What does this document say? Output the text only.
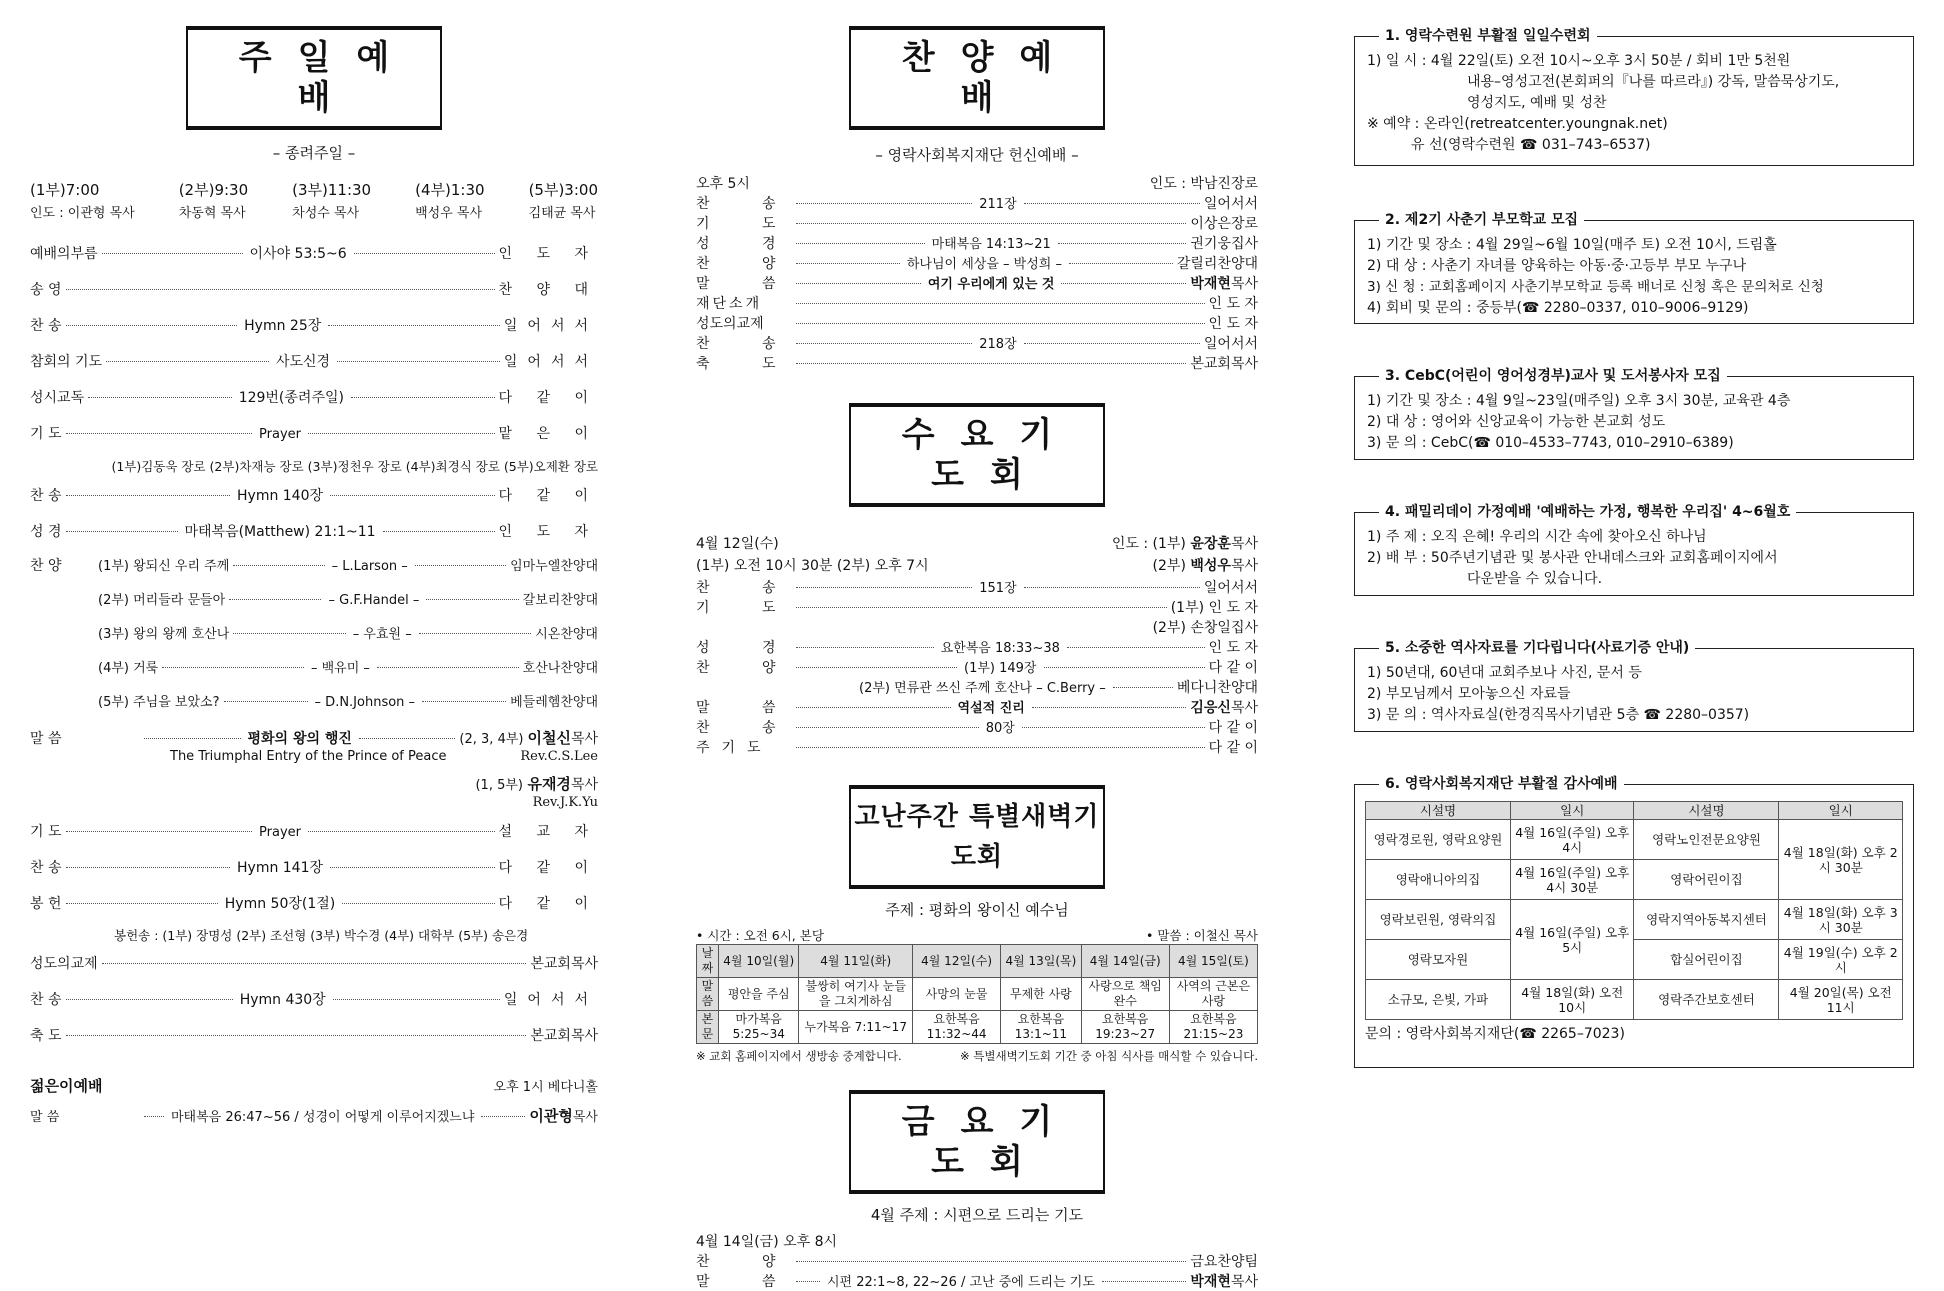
주일예배
– 종려주일 –
(1부)7:00
인도 : 이관형 목사
(2부)9:30
차동혁 목사
(3부)11:30
차성수 목사
(4부)1:30
백성우 목사
(5부)3:00
김태균 목사
예배의부름	이사야 53:5~6	인 도 자
송 영	찬 양 대
찬 송	Hymn 25장	일어서서
참회의 기도	사도신경	일어서서
성시교독	129번(종려주일)	다 같 이
기 도	Prayer	맡 은 이
(1부)김동욱 장로 (2부)차재능 장로 (3부)정천우 장로 (4부)최경식 장로 (5부)오제환 장로
찬 송	Hymn 140장	다 같 이
성 경	마태복음(Matthew) 21:1~11	인 도 자
찬 양	(1부) 왕되신 우리 주께	– L.Larson –	임마누엘찬양대
(2부) 머리들라 문들아	– G.F.Handel –	갈보리찬양대
(3부) 왕의 왕께 호산나	– 우효원 –	시온찬양대
(4부) 거룩	– 백유미 –	호산나찬양대
(5부) 주님을 보았소?	– D.N.Johnson –	베들레헴찬양대
말 씀	평화의 왕의 행진	(2, 3, 4부) 이철신 목사
The Triumphal Entry of the Prince of Peace	Rev.C.S.Lee
(1, 5부) 유재경목사
Rev.J.K.Yu
기 도	Prayer	설 교 자
찬 송	Hymn 141장	다 같 이
봉 헌	Hymn 50장(1절)	다 같 이
봉헌송 : (1부) 장명성 (2부) 조선형 (3부) 박수경 (4부) 대학부 (5부) 송은경
성도의교제	본교회목사
찬 송	Hymn 430장	일어서서
축 도	본교회목사
젊은이예배	오후 1시 베다니홀
말 씀	마태복음 26:47~56 / 성경이 어떻게 이루어지겠느냐	이관형 목사
찬양예배
– 영락사회복지재단 헌신예배 –
오후 5시	인도 : 박남진장로
찬 송	211장	일어서서
기 도	이상은장로
성 경	마태복음 14:13~21	권기웅집사
찬 양	하나님이 세상을 – 박성희 –	갈릴리찬양대
말 씀	여기 우리에게 있는 것	박재현 목사
재단소개	인 도 자
성도의교제	인 도 자
찬 송	218장	일어서서
축 도	본교회목사
수요기도회
4월 12일(수)	인도 : (1부) 윤장훈목사
(1부) 오전 10시 30분 (2부) 오후 7시	(2부) 백성우목사
찬 송	151장	일어서서
기 도	(1부) 인 도 자
(2부) 손창일집사
성 경	요한복음 18:33~38	인 도 자
찬 양	(1부) 149장	다 같 이
(2부) 면류관 쓰신 주께 호산나 – C.Berry –	베다니찬양대
말 씀	역설적 진리	김응신 목사
찬 송	80장	다 같 이
주기도	다 같 이
고난주간 특별새벽기도회
주제 : 평화의 왕이신 예수님
• 시간 : 오전 6시, 본당	• 말씀 : 이철신 목사
날짜	4월 10일(월)	4월 11일(화)	4월 12일(수)	4월 13일(목)	4월 14일(금)	4월 15일(토)
말씀	평안을 주심	불쌍히 여기사 눈들을 그치게하심	사망의 눈물	무제한 사랑	사랑으로 책임완수	사역의 근본은 사랑
본문	마가복음 5:25~34	누가복음 7:11~17	요한복음 11:32~44	요한복음 13:1~11	요한복음 19:23~27	요한복음 21:15~23
※ 교회 홈페이지에서 생방송 중계합니다.	※ 특별새벽기도회 기간 중 아침 식사를 매식할 수 있습니다.
금요기도회
4월 주제 : 시편으로 드리는 기도
4월 14일(금) 오후 8시
찬 양	금요찬양팀
말 씀 시편 22:1~8, 22~26 / 고난 중에 드리는 기도	박재현 목사
1. 영락수련원 부활절 일일수련회
1) 일 시 : 4월 22일(토) 오전 10시~오후 3시 50분 / 회비 1만 5천원
내용–영성고전(본회퍼의『나를 따르라』) 강독, 말씀묵상기도,
영성지도, 예배 및 성찬
※ 예약 : 온라인(retreatcenter.youngnak.net)
유 선(영락수련원 ☎ 031–743–6537)
2. 제2기 사춘기 부모학교 모집
1) 기간 및 장소 : 4월 29일~6월 10일(매주 토) 오전 10시, 드림홀
2) 대 상 : 사춘기 자녀를 양육하는 아동·중·고등부 부모 누구나
3) 신 청 : 교회홈페이지 사춘기부모학교 등록 배너로 신청 혹은 문의처로 신청
4) 회비 및 문의 : 중등부(☎ 2280–0337, 010–9006–9129)
3. CebC(어린이 영어성경부)교사 및 도서봉사자 모집
1) 기간 및 장소 : 4월 9일~23일(매주일) 오후 3시 30분, 교육관 4층
2) 대 상 : 영어와 신앙교육이 가능한 본교회 성도
3) 문 의 : CebC(☎ 010–4533–7743, 010–2910–6389)
4. 패밀리데이 가정예배 '예배하는 가정, 행복한 우리집' 4~6월호
1) 주 제 : 오직 은혜! 우리의 시간 속에 찾아오신 하나님
2) 배 부 : 50주년기념관 및 봉사관 안내데스크와 교회홈페이지에서
다운받을 수 있습니다.
5. 소중한 역사자료를 기다립니다(사료기증 안내)
1) 50년대, 60년대 교회주보나 사진, 문서 등
2) 부모님께서 모아놓으신 자료들
3) 문 의 : 역사자료실(한경직목사기념관 5층 ☎ 2280–0357)
6. 영락사회복지재단 부활절 감사예배
시설명	일시	시설명	일시
영락경로원, 영락요양원	4월 16일(주일) 오후 4시	영락노인전문요양원	4월 18일(화) 오후 2시 30분
영락애니아의집	4월 16일(주일) 오후 4시 30분	영락어린이집	
영락보린원, 영락의집	4월 16일(주일) 오후 5시	영락지역아동복지센터	4월 18일(화) 오후 3시 30분
영락모자원		합실어린이집	4월 19일(수) 오후 2시
소규모, 은빛, 가파	4월 18일(화) 오전 10시	영락주간보호센터	4월 20일(목) 오전 11시
문의 : 영락사회복지재단(☎ 2265–7023)
